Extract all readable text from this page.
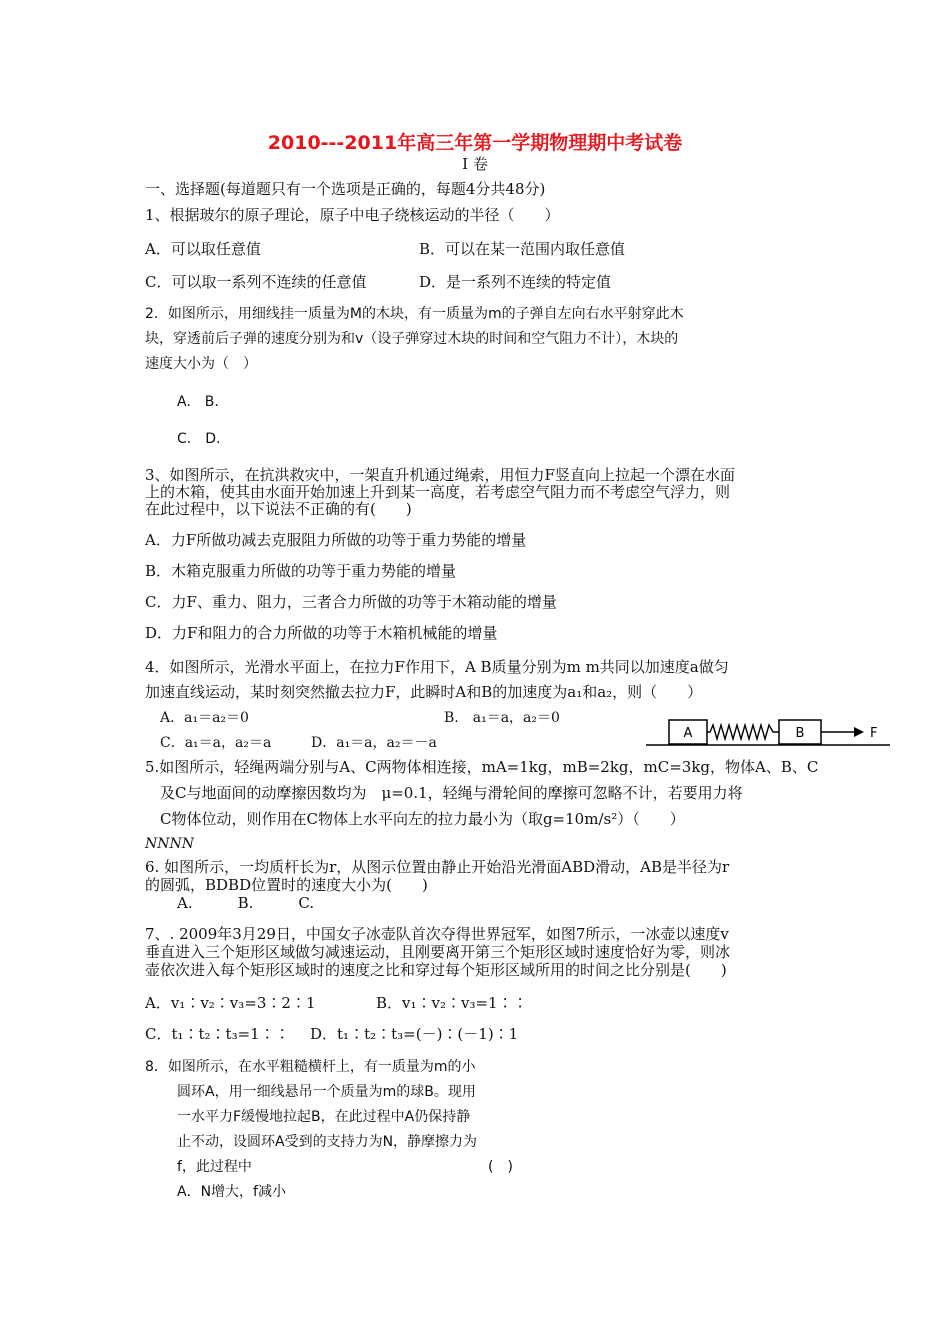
2010---2011年高三年第一学期物理期中考试卷
Ⅰ 卷
一、选择题(每道题只有一个选项是正确的，每题4分共48分)
1、根据玻尔的原子理论，原子中电子绕核运动的半径（　　）
A．可以取任意值	B．可以在某一范围内取任意值
C．可以取一系列不连续的任意值	D．是一系列不连续的特定值
2．如图所示，用细线挂一质量为M的木块，有一质量为m的子弹自左向右水平射穿此木
块，穿透前后子弹的速度分别为和v（设子弹穿过木块的时间和空气阻力不计），木块的
速度大小为（　）
A.　B.
C.　D.
3、如图所示，在抗洪救灾中，一架直升机通过绳索，用恒力F竖直向上拉起一个漂在水面
上的木箱，使其由水面开始加速上升到某一高度，若考虑空气阻力而不考虑空气浮力，则
在此过程中，以下说法不正确的有(　　)
A．力F所做功减去克服阻力所做的功等于重力势能的增量
B．木箱克服重力所做的功等于重力势能的增量
C．力F、重力、阻力，三者合力所做的功等于木箱动能的增量
D．力F和阻力的合力所做的功等于木箱机械能的增量
4．如图所示，光滑水平面上，在拉力F作用下，A B质量分别为m m共同以加速度a做匀
加速直线运动，某时刻突然撤去拉力F，此瞬时A和B的加速度为a₁和a₂，则（　　）
A．a₁＝a₂＝0	B.　a₁＝a，a₂＝0
C．a₁＝a，a₂＝a	D．a₁＝a，a₂＝－a
A	B	F
5.如图所示，轻绳两端分别与A、C两物体相连接，mA=1kg，mB=2kg，mC=3kg，物体A、B、C
及C与地面间的动摩擦因数均为　μ=0.1，轻绳与滑轮间的摩擦可忽略不计，若要用力将
C物体位动，则作用在C物体上水平向左的拉力最小为（取g=10m/s²）（　　）
NNNN
6. 如图所示，一均质杆长为r，从图示位置由静止开始沿光滑面ABD滑动，AB是半径为r
的圆弧，BDBD位置时的速度大小为(　　)
A.　　　B.　　　C.
7、. 2009年3月29日，中国女子冰壶队首次夺得世界冠军，如图7所示，一冰壶以速度v
垂直进入三个矩形区域做匀减速运动，且刚要离开第三个矩形区域时速度恰好为零，则冰
壶依次进入每个矩形区域时的速度之比和穿过每个矩形区域所用的时间之比分别是(　　)
A．v₁∶v₂∶v₃=3∶2∶1	B．v₁∶v₂∶v₃=1∶∶
C．t₁∶t₂∶t₃=1∶∶ D．t₁∶t₂∶t₃=(－)∶(－1)∶1
8．如图所示，在水平粗糙横杆上，有一质量为m的小
圆环A，用一细线悬吊一个质量为m的球B。现用
一水平力F缓慢地拉起B，在此过程中A仍保持静
止不动，设圆环A受到的支持力为N，静摩擦力为
f，此过程中	(　)
A．N增大，f减小
